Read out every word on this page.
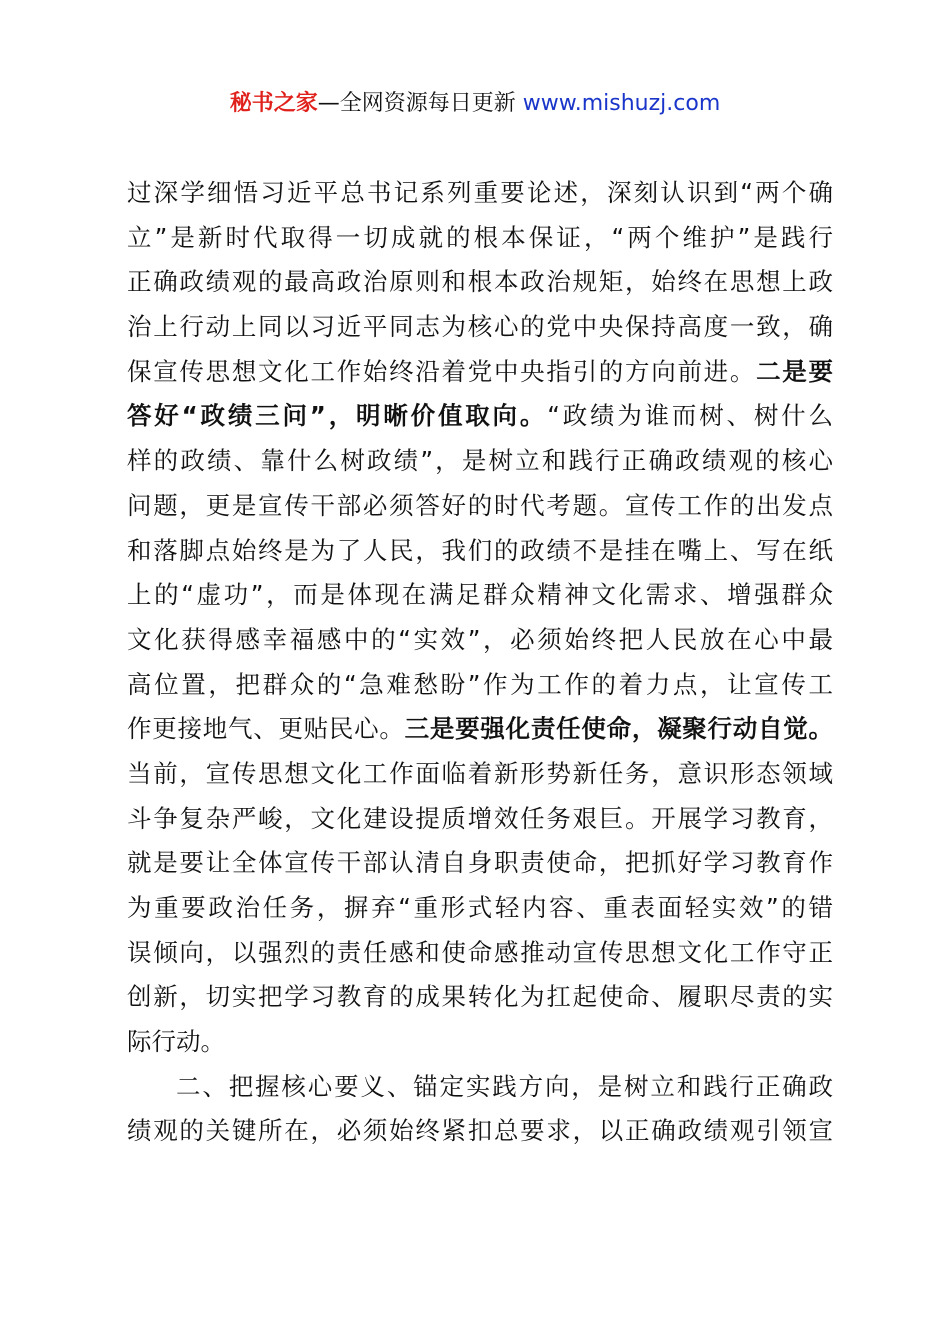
秘书之家—全网资源每日更新 www.mishuzj.com
过深学细悟习近平总书记系列重要论述，深刻认识到“两个确
立”是新时代取得一切成就的根本保证，“两个维护”是践行
正确政绩观的最高政治原则和根本政治规矩，始终在思想上政
治上行动上同以习近平同志为核心的党中央保持高度一致，确
保宣传思想文化工作始终沿着党中央指引的方向前进。二是要
答好“政绩三问”，明晰价值取向。“政绩为谁而树、树什么
样的政绩、靠什么树政绩”，是树立和践行正确政绩观的核心
问题，更是宣传干部必须答好的时代考题。宣传工作的出发点
和落脚点始终是为了人民，我们的政绩不是挂在嘴上、写在纸
上的“虚功”，而是体现在满足群众精神文化需求、增强群众
文化获得感幸福感中的“实效”，必须始终把人民放在心中最
高位置，把群众的“急难愁盼”作为工作的着力点，让宣传工
作更接地气、更贴民心。三是要强化责任使命，凝聚行动自觉。
当前，宣传思想文化工作面临着新形势新任务，意识形态领域
斗争复杂严峻，文化建设提质增效任务艰巨。开展学习教育，
就是要让全体宣传干部认清自身职责使命，把抓好学习教育作
为重要政治任务，摒弃“重形式轻内容、重表面轻实效”的错
误倾向，以强烈的责任感和使命感推动宣传思想文化工作守正
创新，切实把学习教育的成果转化为扛起使命、履职尽责的实
际行动。
二、把握核心要义、锚定实践方向，是树立和践行正确政
绩观的关键所在，必须始终紧扣总要求，以正确政绩观引领宣
